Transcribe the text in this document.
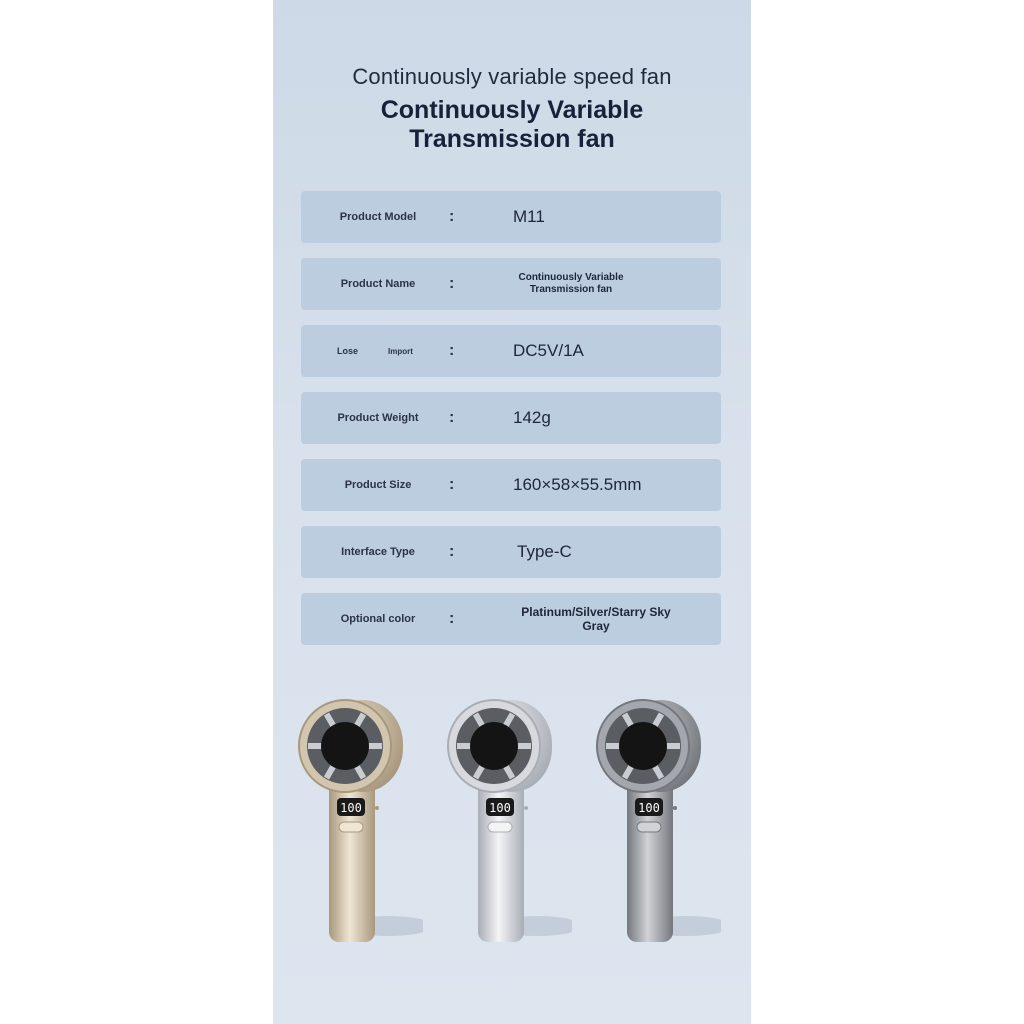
Continuously variable speed fan
Continuously Variable
Transmission fan
Product Model	:	M11
Product Name	:	Continuously Variable
Transmission fan
Lose	Import :	DC5V/1A
Product Weight	:	142g
Product Size	:	160×58×55.5mm
Interface Type	:	Type-C
Optional color	:	Platinum/Silver/Starry Sky
Gray
100	100	100
